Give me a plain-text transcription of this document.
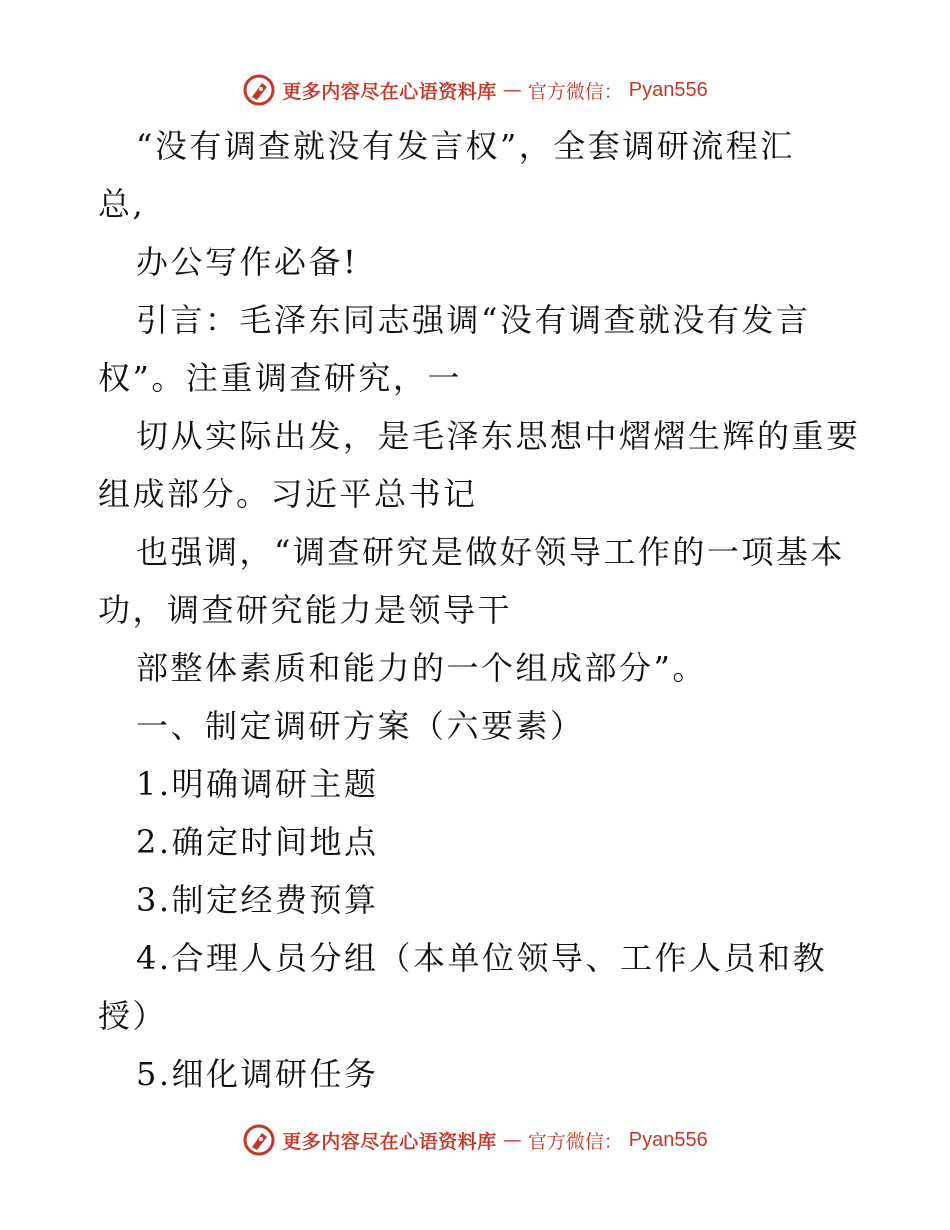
更多内容尽在心语资料库 — 官方微信： Pyan556
“没有调查就没有发言权”，全套调研流程汇
总,
办公写作必备!
引言：毛泽东同志强调“没有调查就没有发言
权”。注重调查研究，一
切从实际出发，是毛泽东思想中熠熠生辉的重要
组成部分。习近平总书记
也强调，“调查研究是做好领导工作的一项基本
功，调查研究能力是领导干
部整体素质和能力的一个组成部分”。
一、制定调研方案（六要素）
1.明确调研主题
2.确定时间地点
3.制定经费预算
4.合理人员分组（本单位领导、工作人员和教
授）
5.细化调研任务
更多内容尽在心语资料库 — 官方微信： Pyan556
